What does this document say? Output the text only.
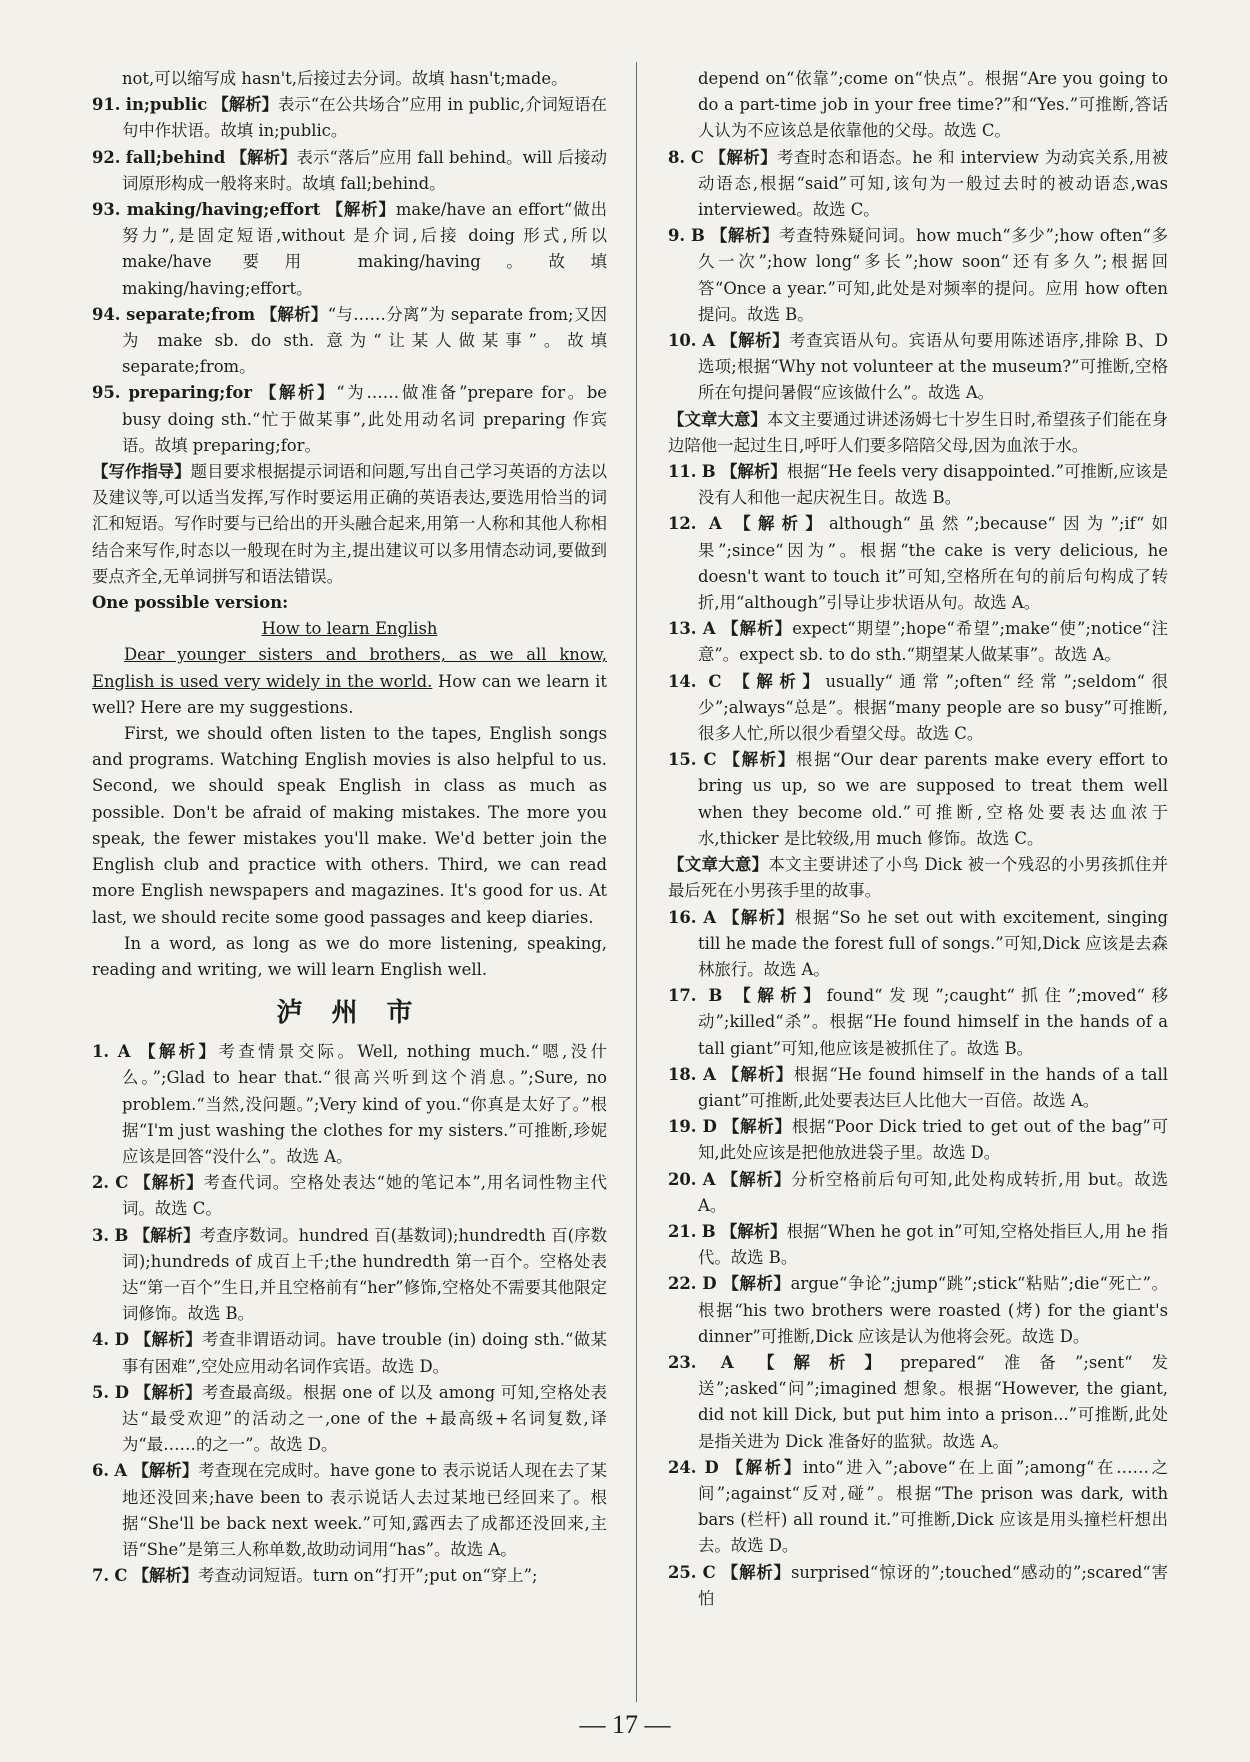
not,可以缩写成 hasn't,后接过去分词。故填 hasn't;made。

91. in;public 【解析】表示“在公共场合”应用 in public,介词短语在句中作状语。故填 in;public。

92. fall;behind 【解析】表示“落后”应用 fall behind。will 后接动词原形构成一般将来时。故填 fall;behind。

93. making/having;effort 【解析】make/have an effort“做出努力”,是固定短语,without 是介词,后接 doing 形式,所以 make/have 要用 making/having。故填 making/having;effort。

94. separate;from 【解析】“与……分离”为 separate from;又因为 make sb. do sth. 意为“让某人做某事”。故填 separate;from。

95. preparing;for 【解析】“为……做准备”prepare for。be busy doing sth.“忙于做某事”,此处用动名词 preparing 作宾语。故填 preparing;for。

【写作指导】题目要求根据提示词语和问题,写出自己学习英语的方法以及建议等,可以适当发挥,写作时要运用正确的英语表达,要选用恰当的词汇和短语。写作时要与已给出的开头融合起来,用第一人称和其他人称相结合来写作,时态以一般现在时为主,提出建议可以多用情态动词,要做到要点齐全,无单词拼写和语法错误。

One possible version:

How to learn English

Dear younger sisters and brothers, as we all know, English is used very widely in the world. How can we learn it well? Here are my suggestions.

First, we should often listen to the tapes, English songs and programs. Watching English movies is also helpful to us. Second, we should speak English in class as much as possible. Don't be afraid of making mistakes. The more you speak, the fewer mistakes you'll make. We'd better join the English club and practice with others. Third, we can read more English newspapers and magazines. It's good for us. At last, we should recite some good passages and keep diaries.

In a word, as long as we do more listening, speaking, reading and writing, we will learn English well.

泸 州 市

1. A 【解析】考查情景交际。Well, nothing much.“嗯,没什么。”;Glad to hear that.“很高兴听到这个消息。”;Sure, no problem.“当然,没问题。”;Very kind of you.“你真是太好了。”根据“I'm just washing the clothes for my sisters.”可推断,珍妮应该是回答“没什么”。故选 A。

2. C 【解析】考查代词。空格处表达“她的笔记本”,用名词性物主代词。故选 C。

3. B 【解析】考查序数词。hundred 百(基数词);hundredth 百(序数词);hundreds of 成百上千;the hundredth 第一百个。空格处表达“第一百个”生日,并且空格前有“her”修饰,空格处不需要其他限定词修饰。故选 B。

4. D 【解析】考查非谓语动词。have trouble (in) doing sth.“做某事有困难”,空处应用动名词作宾语。故选 D。

5. D 【解析】考查最高级。根据 one of 以及 among 可知,空格处表达“最受欢迎”的活动之一,one of the +最高级+名词复数,译为“最……的之一”。故选 D。

6. A 【解析】考查现在完成时。have gone to 表示说话人现在去了某地还没回来;have been to 表示说话人去过某地已经回来了。根据“She'll be back next week.”可知,露西去了成都还没回来,主语“She”是第三人称单数,故助动词用“has”。故选 A。

7. C 【解析】考查动词短语。turn on“打开”;put on“穿上”;

depend on“依靠”;come on“快点”。根据“Are you going to do a part-time job in your free time?”和“Yes.”可推断,答话人认为不应该总是依靠他的父母。故选 C。

8. C 【解析】考查时态和语态。he 和 interview 为动宾关系,用被动语态,根据“said”可知,该句为一般过去时的被动语态,was interviewed。故选 C。

9. B 【解析】考查特殊疑问词。how much“多少”;how often“多久一次”;how long“多长”;how soon“还有多久”;根据回答“Once a year.”可知,此处是对频率的提问。应用 how often 提问。故选 B。

10. A 【解析】考查宾语从句。宾语从句要用陈述语序,排除 B、D 选项;根据“Why not volunteer at the museum?”可推断,空格所在句提问暑假“应该做什么”。故选 A。

【文章大意】本文主要通过讲述汤姆七十岁生日时,希望孩子们能在身边陪他一起过生日,呼吁人们要多陪陪父母,因为血浓于水。

11. B 【解析】根据“He feels very disappointed.”可推断,应该是没有人和他一起庆祝生日。故选 B。

12. A 【解析】although“虽然”;because“因为”;if“如果”;since“因为”。根据“the cake is very delicious, he doesn't want to touch it”可知,空格所在句的前后句构成了转折,用“although”引导让步状语从句。故选 A。

13. A 【解析】expect“期望”;hope“希望”;make“使”;notice“注意”。expect sb. to do sth.“期望某人做某事”。故选 A。

14. C 【解析】usually“通常”;often“经常”;seldom“很少”;always“总是”。根据“many people are so busy”可推断,很多人忙,所以很少看望父母。故选 C。

15. C 【解析】根据“Our dear parents make every effort to bring us up, so we are supposed to treat them well when they become old.”可推断,空格处要表达血浓于水,thicker 是比较级,用 much 修饰。故选 C。

【文章大意】本文主要讲述了小鸟 Dick 被一个残忍的小男孩抓住并最后死在小男孩手里的故事。

16. A 【解析】根据“So he set out with excitement, singing till he made the forest full of songs.”可知,Dick 应该是去森林旅行。故选 A。

17. B 【解析】found“发现”;caught“抓住”;moved“移动”;killed“杀”。根据“He found himself in the hands of a tall giant”可知,他应该是被抓住了。故选 B。

18. A 【解析】根据“He found himself in the hands of a tall giant”可推断,此处要表达巨人比他大一百倍。故选 A。

19. D 【解析】根据“Poor Dick tried to get out of the bag”可知,此处应该是把他放进袋子里。故选 D。

20. A 【解析】分析空格前后句可知,此处构成转折,用 but。故选 A。

21. B 【解析】根据“When he got in”可知,空格处指巨人,用 he 指代。故选 B。

22. D 【解析】argue“争论”;jump“跳”;stick“粘贴”;die“死亡”。根据“his two brothers were roasted (烤) for the giant's dinner”可推断,Dick 应该是认为他将会死。故选 D。

23. A 【解析】prepared“准备”;sent“发送”;asked“问”;imagined 想象。根据“However, the giant, did not kill Dick, but put him into a prison...”可推断,此处是指关进为 Dick 准备好的监狱。故选 A。

24. D 【解析】into“进入”;above“在上面”;among“在……之间”;against“反对,碰”。根据“The prison was dark, with bars (栏杆) all round it.”可推断,Dick 应该是用头撞栏杆想出去。故选 D。

25. C 【解析】surprised“惊讶的”;touched“感动的”;scared“害怕

— 17 —
